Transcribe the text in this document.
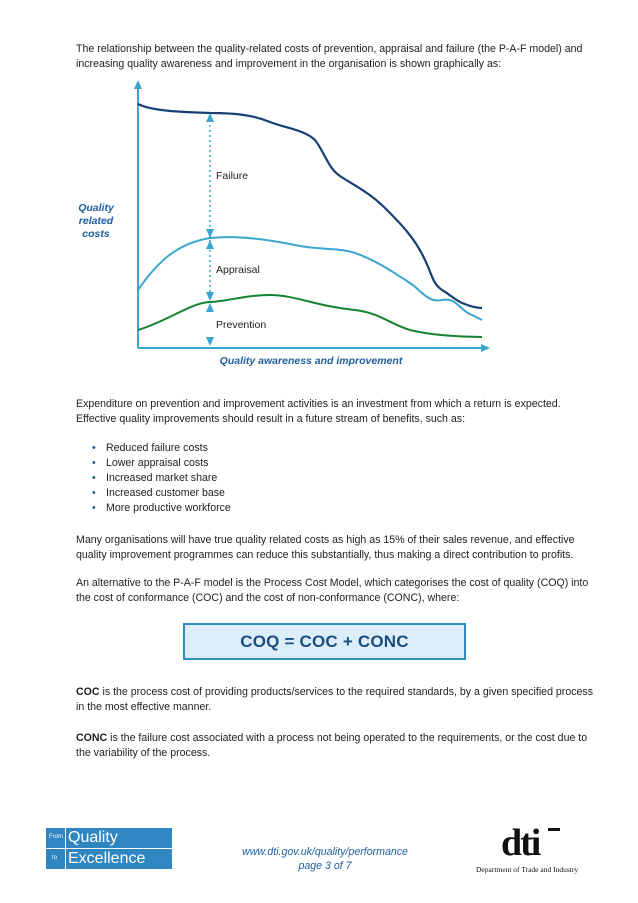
The relationship between the quality-related costs of prevention, appraisal and failure (the P-A-F model) and increasing quality awareness and improvement in the organisation is shown graphically as:

Failure
Appraisal
Prevention
Quality
related
costs
Quality awareness and improvement

Expenditure on prevention and improvement activities is an investment from which a return is expected.
Effective quality improvements should result in a future stream of benefits, such as:

• Reduced failure costs
• Lower appraisal costs
• Increased market share
• Increased customer base
• More productive workforce

Many organisations will have true quality related costs as high as 15% of their sales revenue, and effective quality improvement programmes can reduce this substantially, thus making a direct contribution to profits.

An alternative to the P-A-F model is the Process Cost Model, which categorises the cost of quality (COQ) into the cost of conformance (COC) and the cost of non-conformance (CONC), where:

COQ = COC + CONC

COC is the process cost of providing products/services to the required standards, by a given specified process in the most effective manner.

CONC is the failure cost associated with a process not being operated to the requirements, or the cost due to the variability of the process.

From Quality
to Excellence	www.dti.gov.uk/quality/performance
page 3 of 7
dti
Department of Trade and Industry
